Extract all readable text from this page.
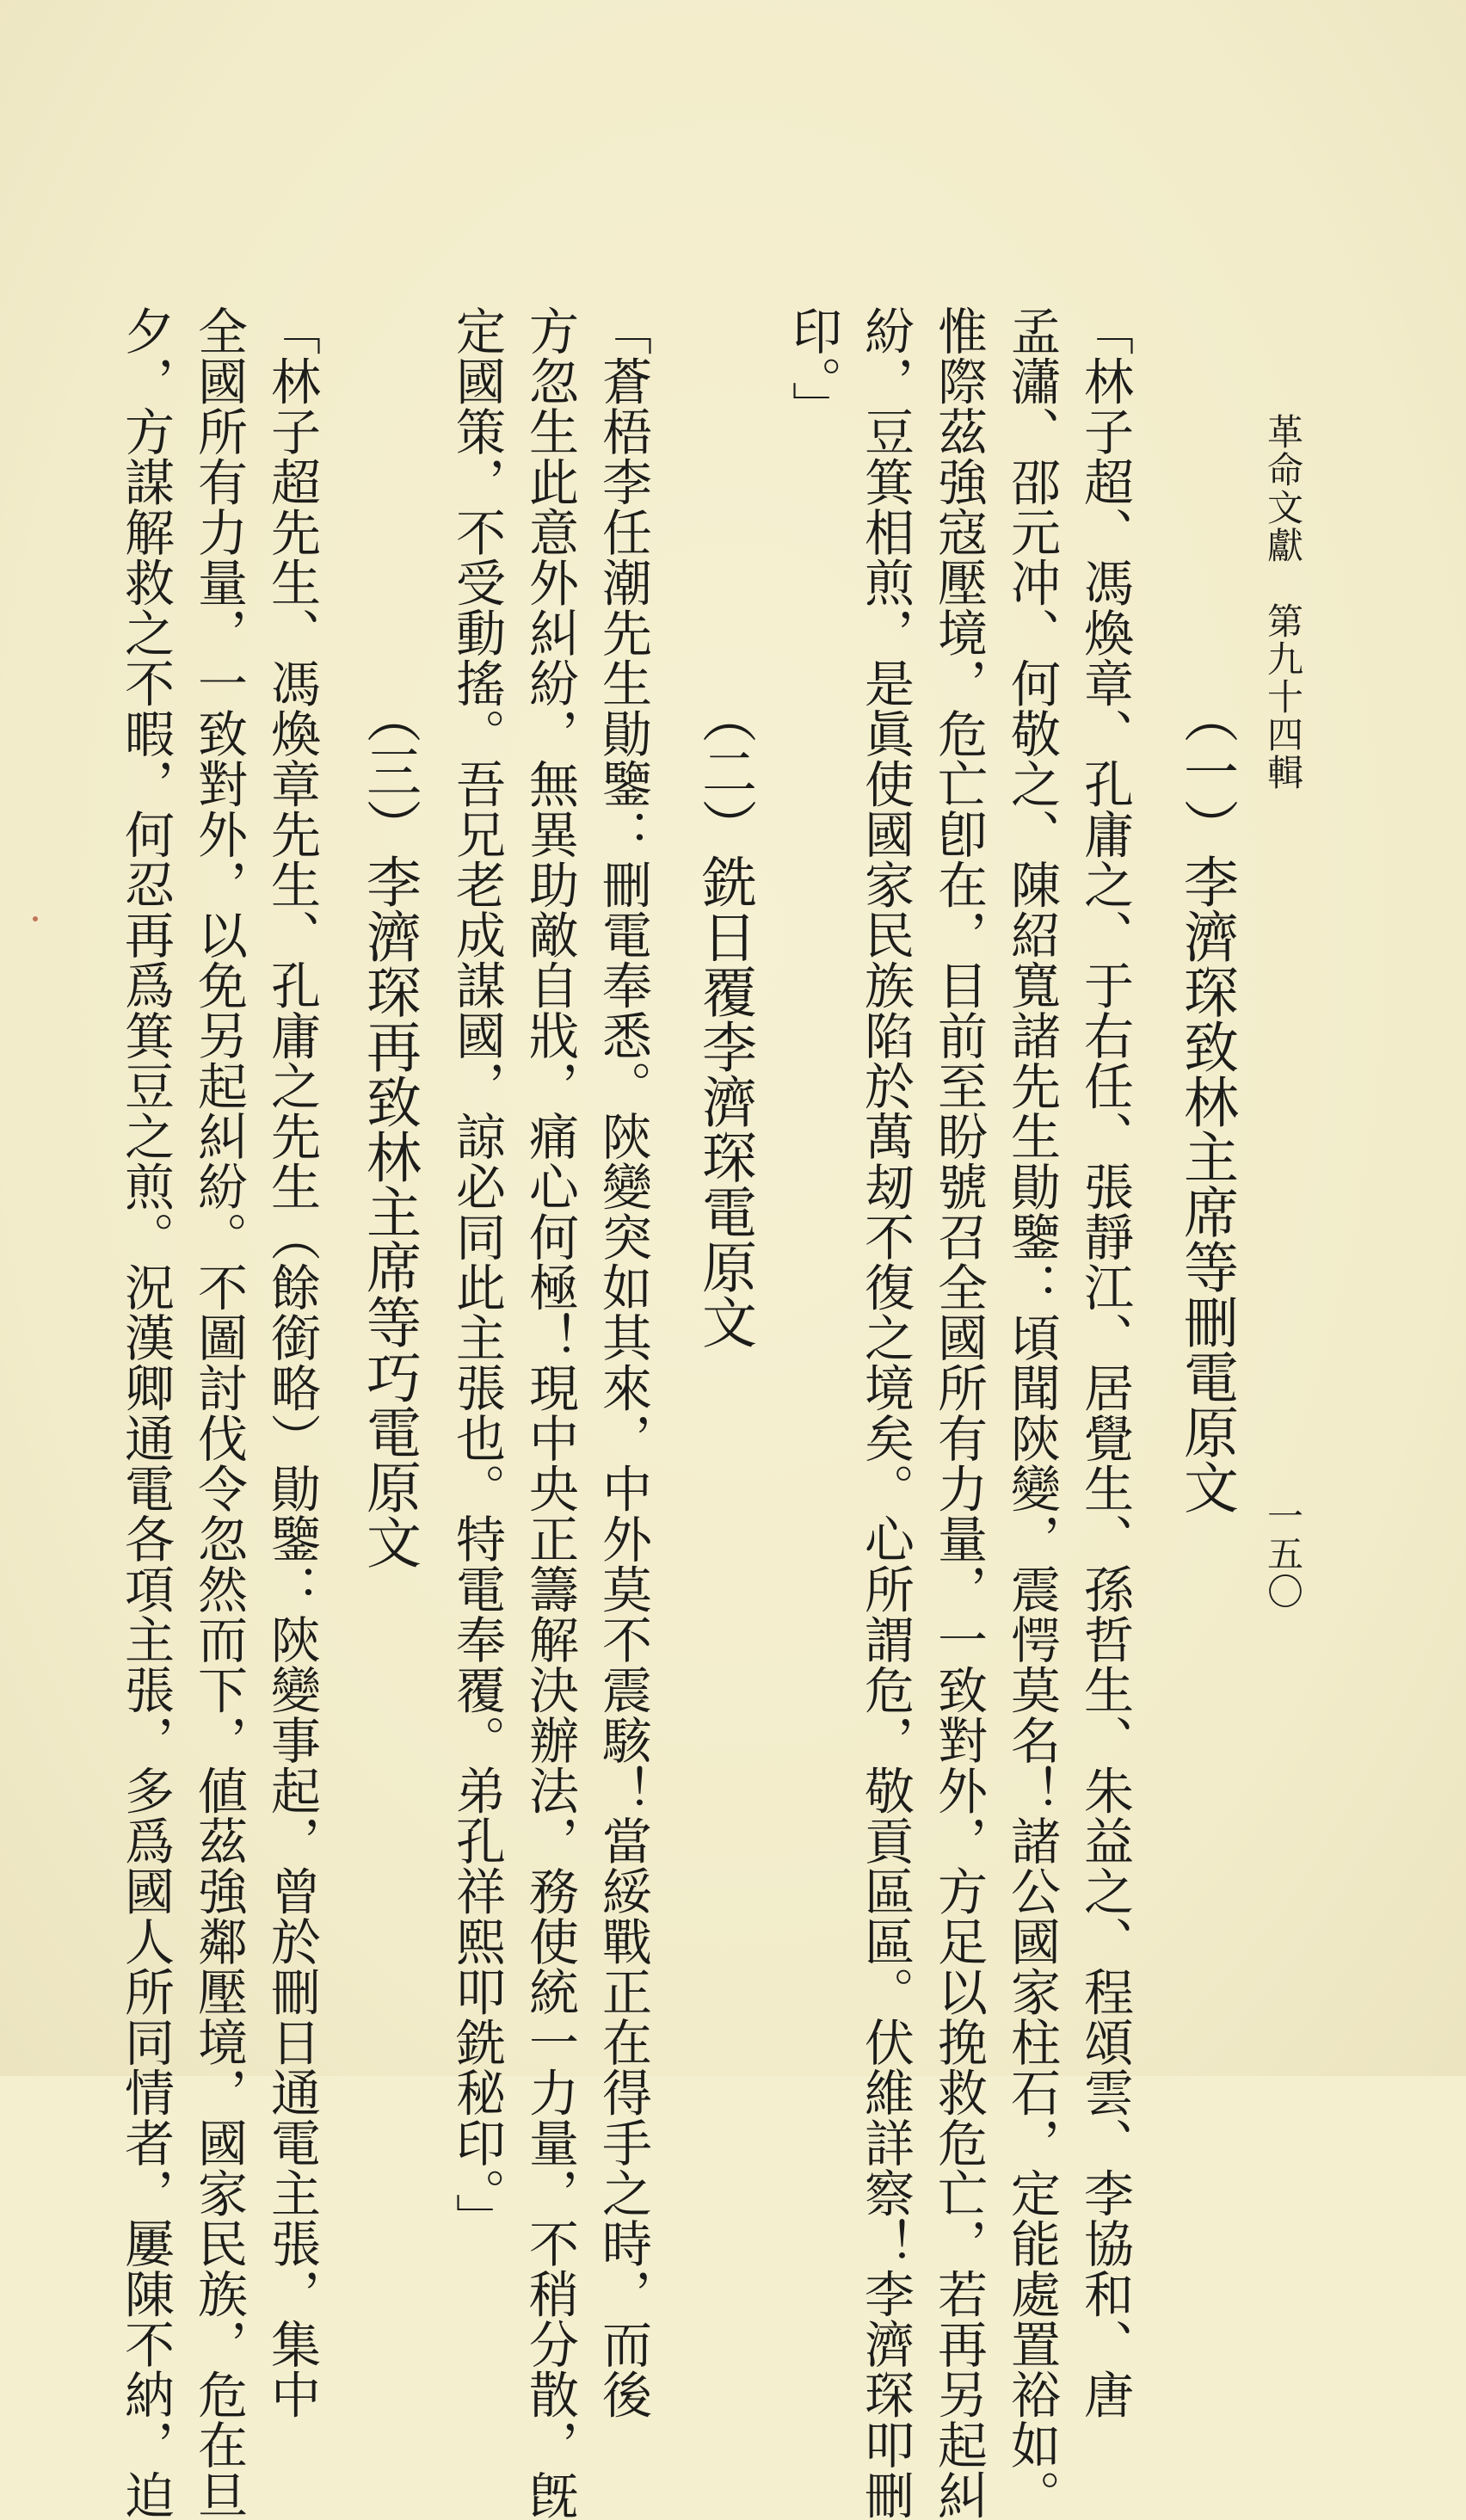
革命文獻　第九十四輯
一五〇
（一）李濟琛致林主席等刪電原文
「林子超、馮煥章、孔庸之、于右任、張靜江、居覺生、孫哲生、朱益之、程頌雲、李協和、唐
孟瀟、邵元冲、何敬之、陳紹寬諸先生勛鑒：頃聞陝變，震愕莫名！諸公國家柱石，定能處置裕如。
惟際茲強寇壓境，危亡卽在，目前至盼號召全國所有力量，一致對外，方足以挽救危亡，若再另起糾
紛，豆箕相煎，是眞使國家民族陷於萬刼不復之境矣。心所謂危，敬貢區區。伏維詳察！李濟琛叩刪
印。」
（二）銑日覆李濟琛電原文
「蒼梧李任潮先生勛鑒：刪電奉悉。陝變突如其來，中外莫不震駭！當綏戰正在得手之時，而後
方忽生此意外糾紛，無異助敵自戕，痛心何極！現中央正籌解決辦法，務使統一力量，不稍分散，旣
定國策，不受動搖。吾兄老成謀國，諒必同此主張也。特電奉覆。弟孔祥熙叩銑秘印。」
（三）李濟琛再致林主席等巧電原文
「林子超先生、馮煥章先生、孔庸之先生（餘銜略）勛鑒：陝變事起，曾於刪日通電主張，集中
全國所有力量，一致對外，以免另起糾紛。不圖討伐令忽然而下，値茲強鄰壓境，國家民族，危在旦
夕，方謀解救之不暇，何忍再爲箕豆之煎。況漢卿通電各項主張，多爲國人所同情者，屢陳不納，迫
